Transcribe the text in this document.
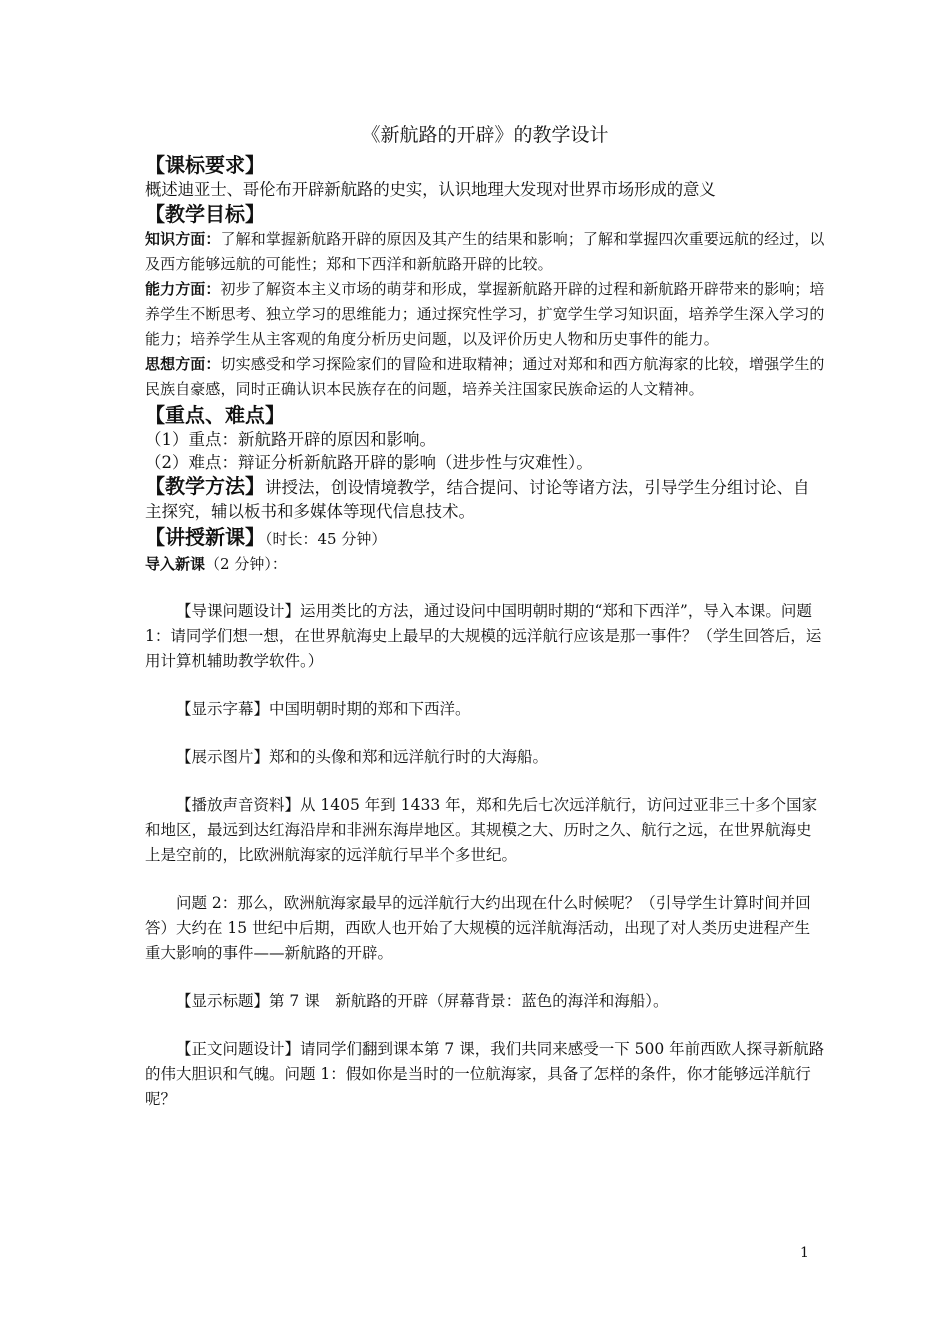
《新航路的开辟》的教学设计

【课标要求】

概述迪亚士、哥伦布开辟新航路的史实，认识地理大发现对世界市场形成的意义

【教学目标】

知识方面：了解和掌握新航路开辟的原因及其产生的结果和影响；了解和掌握四次重要远航的经过，以及西方能够远航的可能性；郑和下西洋和新航路开辟的比较。

能力方面：初步了解资本主义市场的萌芽和形成，掌握新航路开辟的过程和新航路开辟带来的影响；培养学生不断思考、独立学习的思维能力；通过探究性学习，扩宽学生学习知识面，培养学生深入学习的能力；培养学生从主客观的角度分析历史问题，以及评价历史人物和历史事件的能力。

思想方面：切实感受和学习探险家们的冒险和进取精神；通过对郑和和西方航海家的比较，增强学生的民族自豪感，同时正确认识本民族存在的问题，培养关注国家民族命运的人文精神。

【重点、难点】

（1）重点：新航路开辟的原因和影响。

（2）难点：辩证分析新航路开辟的影响（进步性与灾难性）。

【教学方法】讲授法，创设情境教学，结合提问、讨论等诸方法，引导学生分组讨论、自主探究，辅以板书和多媒体等现代信息技术。

【讲授新课】（时长：45 分钟）

导入新课（2 分钟）：

【导课问题设计】运用类比的方法，通过设问中国明朝时期的“郑和下西洋”，导入本课。问题 1：请同学们想一想，在世界航海史上最早的大规模的远洋航行应该是那一事件？（学生回答后，运用计算机辅助教学软件。）

【显示字幕】中国明朝时期的郑和下西洋。

【展示图片】郑和的头像和郑和远洋航行时的大海船。

【播放声音资料】从 1405 年到 1433 年，郑和先后七次远洋航行，访问过亚非三十多个国家和地区，最远到达红海沿岸和非洲东海岸地区。其规模之大、历时之久、航行之远，在世界航海史上是空前的，比欧洲航海家的远洋航行早半个多世纪。

问题 2：那么，欧洲航海家最早的远洋航行大约出现在什么时候呢？（引导学生计算时间并回答）大约在 15 世纪中后期，西欧人也开始了大规模的远洋航海活动，出现了对人类历史进程产生重大影响的事件——新航路的开辟。

【显示标题】第 7 课　新航路的开辟（屏幕背景：蓝色的海洋和海船）。

【正文问题设计】请同学们翻到课本第 7 课，我们共同来感受一下 500 年前西欧人探寻新航路的伟大胆识和气魄。问题 1：假如你是当时的一位航海家，具备了怎样的条件，你才能够远洋航行呢？

1
